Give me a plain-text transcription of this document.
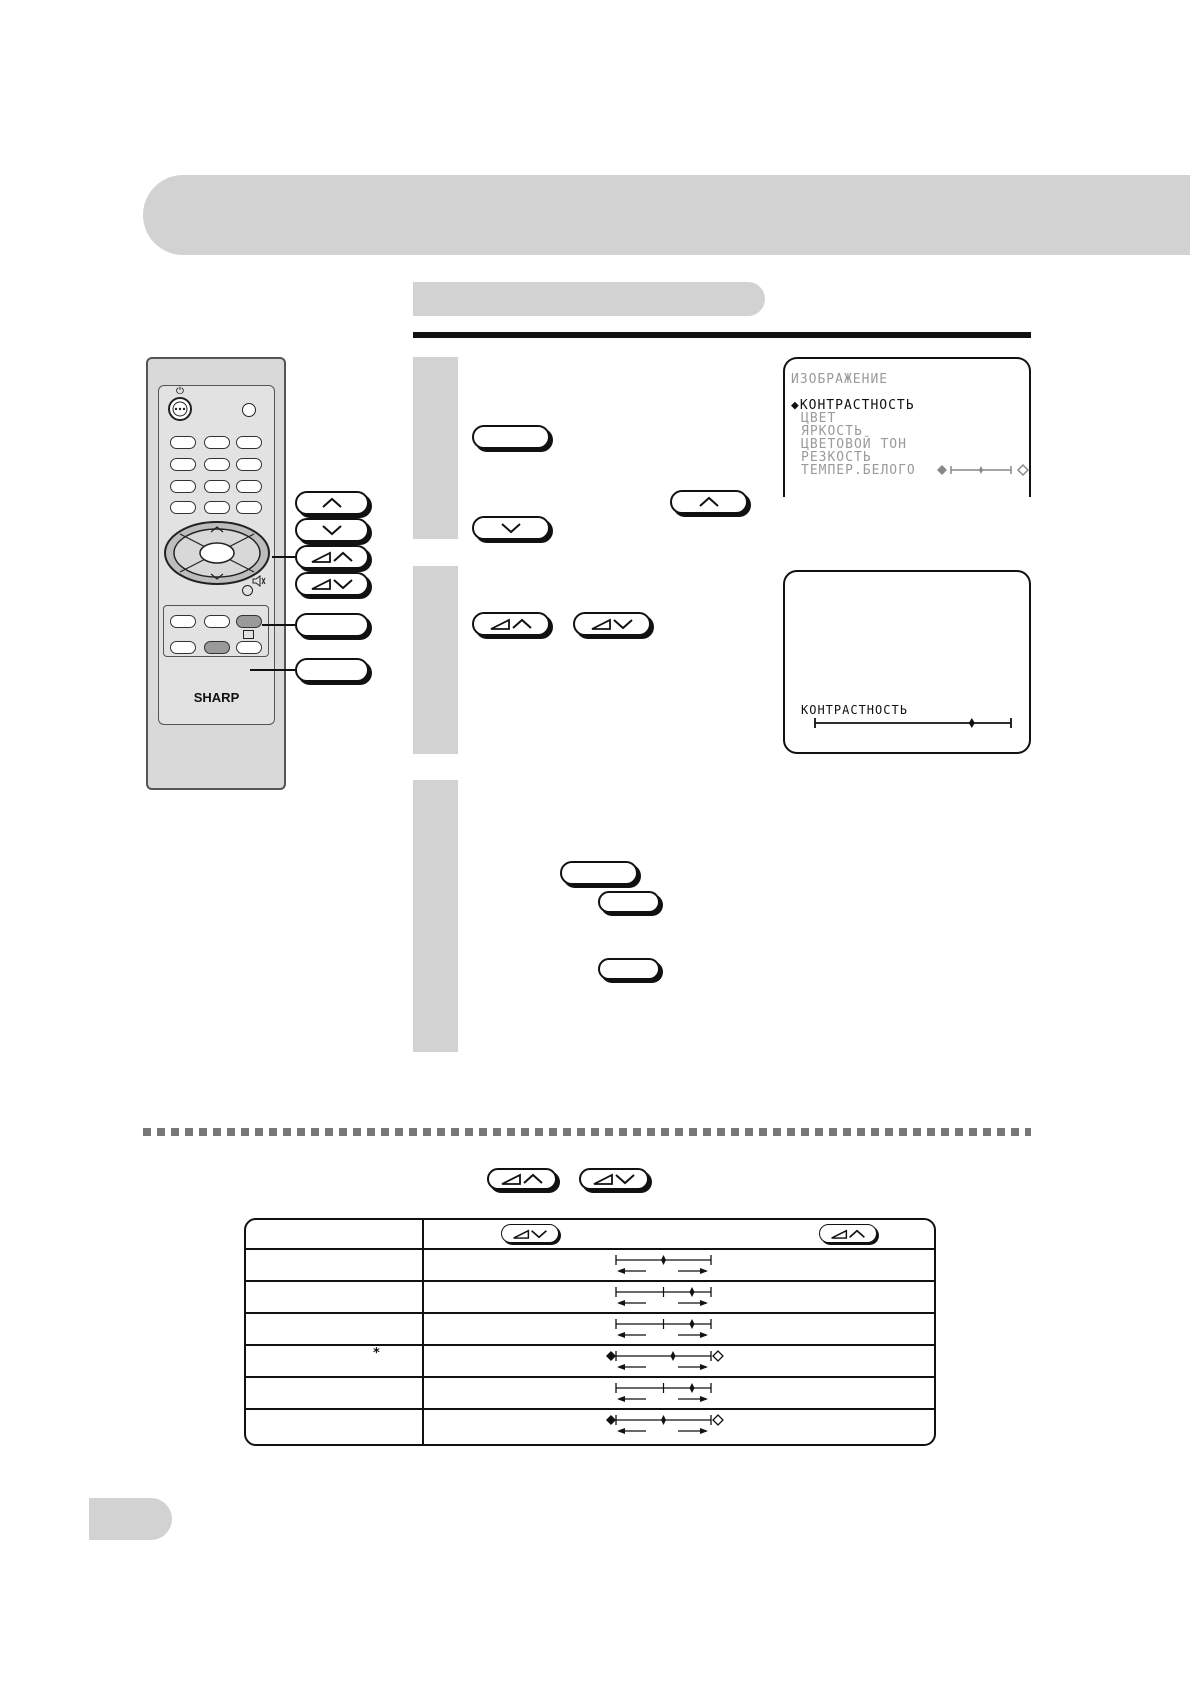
ИЗОБРАЖЕНИЕ
◆КОНТРАСТНОСТЬ
ЦВЕТ
ЯРКОСТЬ
ЦВЕТОВОЙ ТОН
РЕЗКОСТЬ
ТЕМПЕР.БЕЛОГО
КОНТРАСТНОСТЬ
⏻
SHARP
*
